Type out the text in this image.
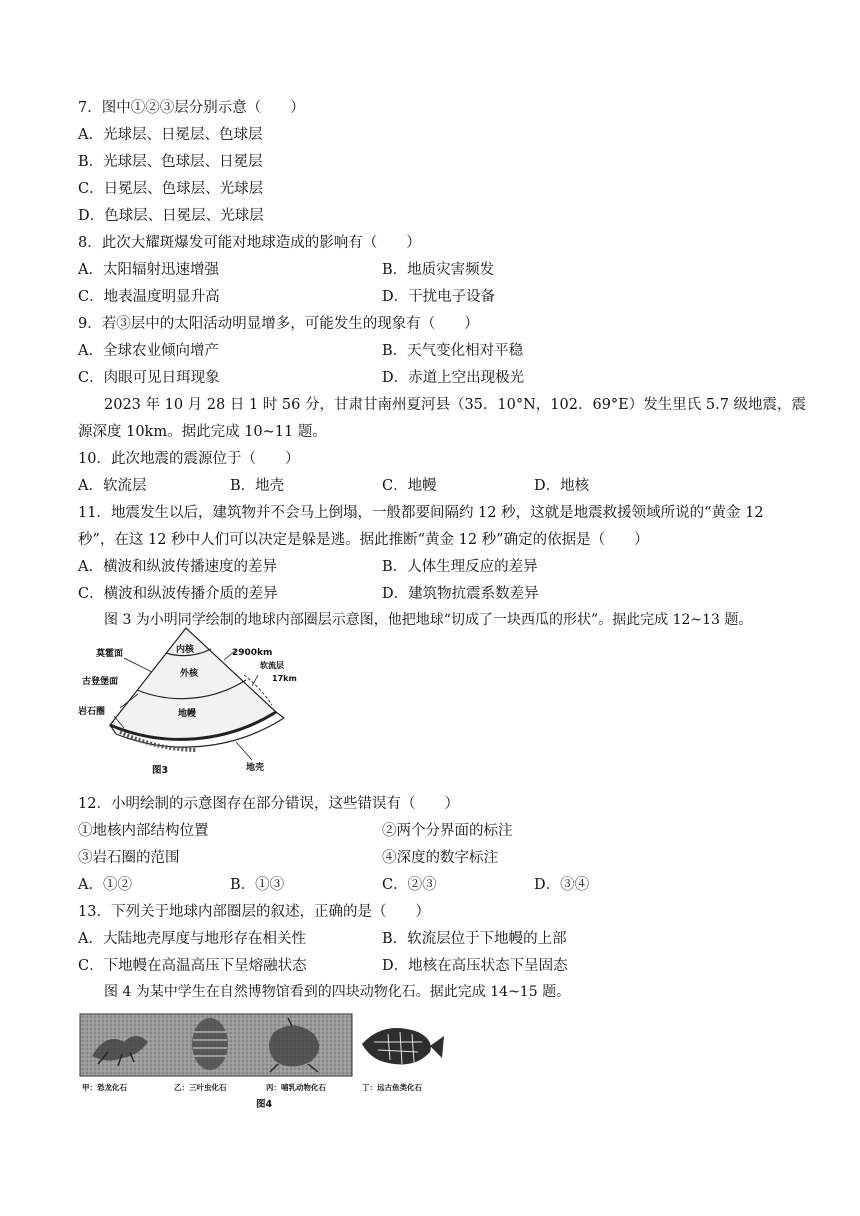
7．图中①②③层分别示意（　　）
A．光球层、日冕层、色球层
B．光球层、色球层、日冕层
C．日冕层、色球层、光球层
D．色球层、日冕层、光球层
8．此次大耀斑爆发可能对地球造成的影响有（　　）
A．太阳辐射迅速增强	B．地质灾害频发
C．地表温度明显升高	D．干扰电子设备
9．若③层中的太阳活动明显增多，可能发生的现象有（　　）
A．全球农业倾向增产	B．天气变化相对平稳
C．肉眼可见日珥现象	D．赤道上空出现极光
2023 年 10 月 28 日 1 时 56 分，甘肃甘南州夏河县（35．10°N，102．69°E）发生里氏 5.7 级地震，震
源深度 10km。据此完成 10~11 题。
10．此次地震的震源位于（　　）
A．软流层	B．地壳	C．地幔	D．地核
11．地震发生以后，建筑物并不会马上倒塌，一般都要间隔约 12 秒，这就是地震救援领域所说的“黄金 12
秒”，在这 12 秒中人们可以决定是躲是逃。据此推断“黄金 12 秒”确定的依据是（　　）
A．横波和纵波传播速度的差异	B．人体生理反应的差异
C．横波和纵波传播介质的差异	D．建筑物抗震系数差异
图 3 为小明同学绘制的地球内部圈层示意图，他把地球“切成了一块西瓜的形状”。据此完成 12~13 题。
内核
莫霍面	2900km
软流层
外核	17km
古登堡面
岩石圈	地幔
地壳
图3
12．小明绘制的示意图存在部分错误，这些错误有（　　）
①地核内部结构位置	②两个分界面的标注
③岩石圈的范围	④深度的数字标注
A．①②	B．①③	C．②③	D．③④
13．下列关于地球内部圈层的叙述，正确的是（　　）
A．大陆地壳厚度与地形存在相关性	B．软流层位于下地幔的上部
C．下地幔在高温高压下呈熔融状态	D．地核在高压状态下呈固态
图 4 为某中学生在自然博物馆看到的四块动物化石。据此完成 14~15 题。
甲：恐龙化石	乙：三叶虫化石	丙：哺乳动物化石	丁：远古鱼类化石
图4
